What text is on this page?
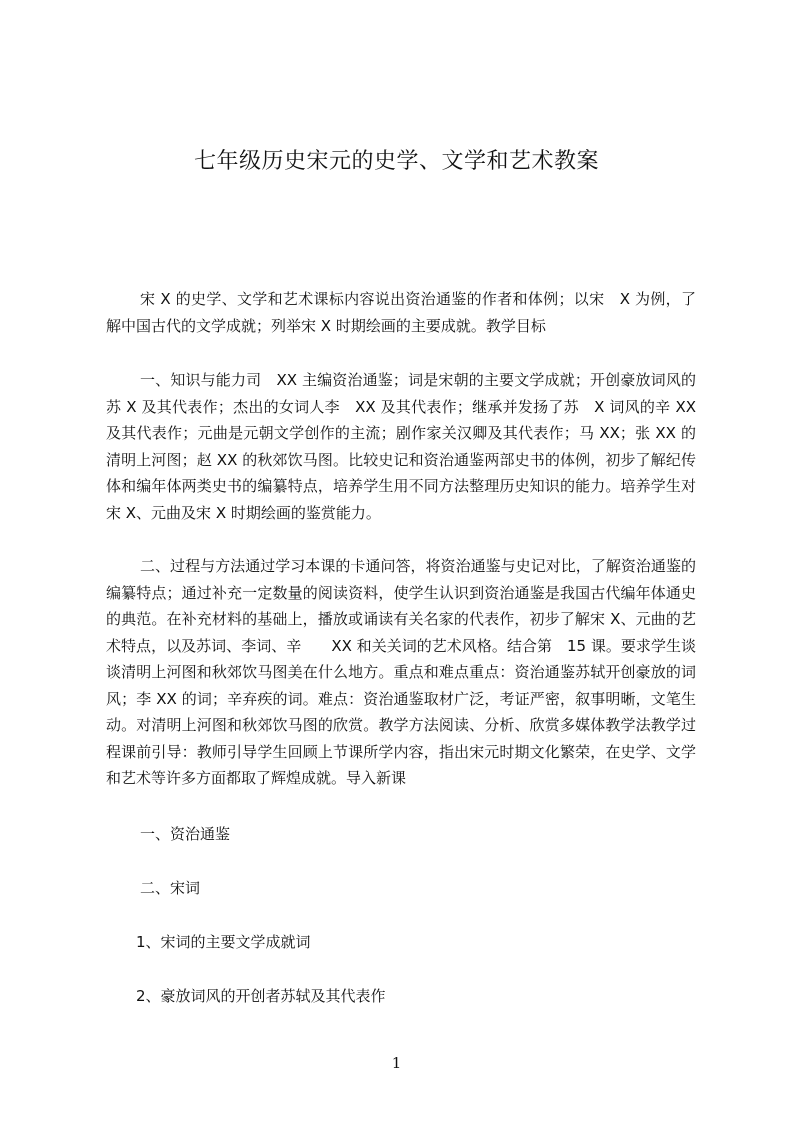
七年级历史宋元的史学、文学和艺术教案

宋 X 的史学、文学和艺术课标内容说出资治通鉴的作者和体例；以宋　X 为例，了解中国古代的文学成就；列举宋 X 时期绘画的主要成就。教学目标

一、知识与能力司　XX 主编资治通鉴；词是宋朝的主要文学成就；开创豪放词风的苏 X 及其代表作；杰出的女词人李　XX 及其代表作；继承并发扬了苏　X 词风的辛 XX 及其代表作；元曲是元朝文学创作的主流；剧作家关汉卿及其代表作；马 XX；张 XX 的清明上河图；赵 XX 的秋郊饮马图。比较史记和资治通鉴两部史书的体例，初步了解纪传体和编年体两类史书的编纂特点，培养学生用不同方法整理历史知识的能力。培养学生对宋 X、元曲及宋 X 时期绘画的鉴赏能力。

二、过程与方法通过学习本课的卡通问答，将资治通鉴与史记对比，了解资治通鉴的编纂特点；通过补充一定数量的阅读资料，使学生认识到资治通鉴是我国古代编年体通史的典范。在补充材料的基础上，播放或诵读有关名家的代表作，初步了解宋 X、元曲的艺术特点，以及苏词、李词、辛　　XX 和关关词的艺术风格。结合第　15 课。要求学生谈谈清明上河图和秋郊饮马图美在什么地方。重点和难点重点：资治通鉴苏轼开创豪放的词风；李 XX 的词；辛弃疾的词。难点：资治通鉴取材广泛，考证严密，叙事明晰，文笔生动。对清明上河图和秋郊饮马图的欣赏。教学方法阅读、分析、欣赏多媒体教学法教学过程课前引导：教师引导学生回顾上节课所学内容，指出宋元时期文化繁荣，在史学、文学和艺术等许多方面都取了辉煌成就。导入新课

一、资治通鉴
二、宋词
1、宋词的主要文学成就词
2、豪放词风的开创者苏轼及其代表作
1
